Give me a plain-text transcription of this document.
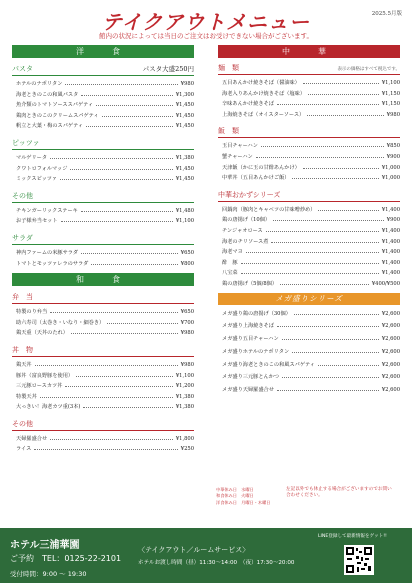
テイクアウトメニュー	2025.5月版
館内の状況によっては当日のご注文はお受けできない場合がございます。
洋　食
パスタ	パスタ大盛250円
ホテルのナポリタン	¥980
海老ときのこの和風パスタ	¥1,300
魚介類のトマトソーススパゲティ	¥1,450
鶏肉ときのこのクリームスパゲティ	¥1,450
帆立と大葉・梅のスパゲティ	¥1,450
ピッツァ
マルゲリータ	¥1,380
クワトロフォルマッジ	¥1,450
ミックスピッツァ	¥1,450
その他
チキンガーリックステーキ	¥1,480
お子様弁当セット	¥1,100
サラダ
神内ファームの米豚サラダ	¥650
トマトとモッツァレラのサラダ	¥800
和　食
弁　当
特製のり弁当	¥650
助六寿司（太巻き・いなり・細巻き）	¥700
鶏天重（天丼のたれ）	¥980
丼　物
鶏天丼	¥980
豚丼（富良野豚を使用）	¥1,100
三元豚ロースカツ丼	¥1,200
特製天丼	¥1,380
大っきい！海老カツ重(3本)	¥1,380
その他
天婦羅盛合せ	¥1,800
ライス	¥250
中　華
麺　類	表示の価格はすべて税込です。
五目あんかけ焼きそば（醤油味）	¥1,100
海老入りあんかけ焼きそば（塩味）	¥1,150
辛味あんかけ焼きそば	¥1,150
上海焼きそば（オイスターソース）	¥980
飯　類
玉目チャーハン	¥850
蟹チャーハン	¥900
天津飯（かに玉の甘酢あんかけ）	¥1,000
中華丼（五目あんかけご飯）	¥1,000
中華おかずシリーズ
回鍋肉（豚肉とキャベツの甘味噌炒め）	¥1,400
鶏の唐揚げ（10個）	¥900
チンジャオロース	¥1,400
海老のチリソース煮	¥1,400
海老マヨ	¥1,400
酢　豚	¥1,400
八宝菜	¥1,400
鶏の唐揚げ（5個/8個）	¥400/¥500
メガ盛りシリーズ
メガ盛り鶏の唐揚げ（30個）	¥2,600
メガ盛り上海焼きそば	¥2,600
メガ盛り五目チャーハン	¥2,600
メガ盛りホテルのナポリタン	¥2,600
メガ盛り海老ときのこの和風スパゲティ	¥2,600
メガ盛り三元豚とんかつ	¥2,600
メガ盛り天婦羅盛合せ	¥2,600
中華休み日　水曜日
和食休み日　火曜日
洋食休み日　月曜日・木曜日
左記以外でも休止する場合がございますのでお問い合わせください。
ホテル三浦華園
ご予約　TEL：0125-22-2101
受付時間：9:00 ～ 19:30
〈テイクアウト／ルームサービス〉
ホテルお渡し時間（昼）11:30～14:00　（夜）17:30～20:00
LINE登録して最新情報をゲット!!
